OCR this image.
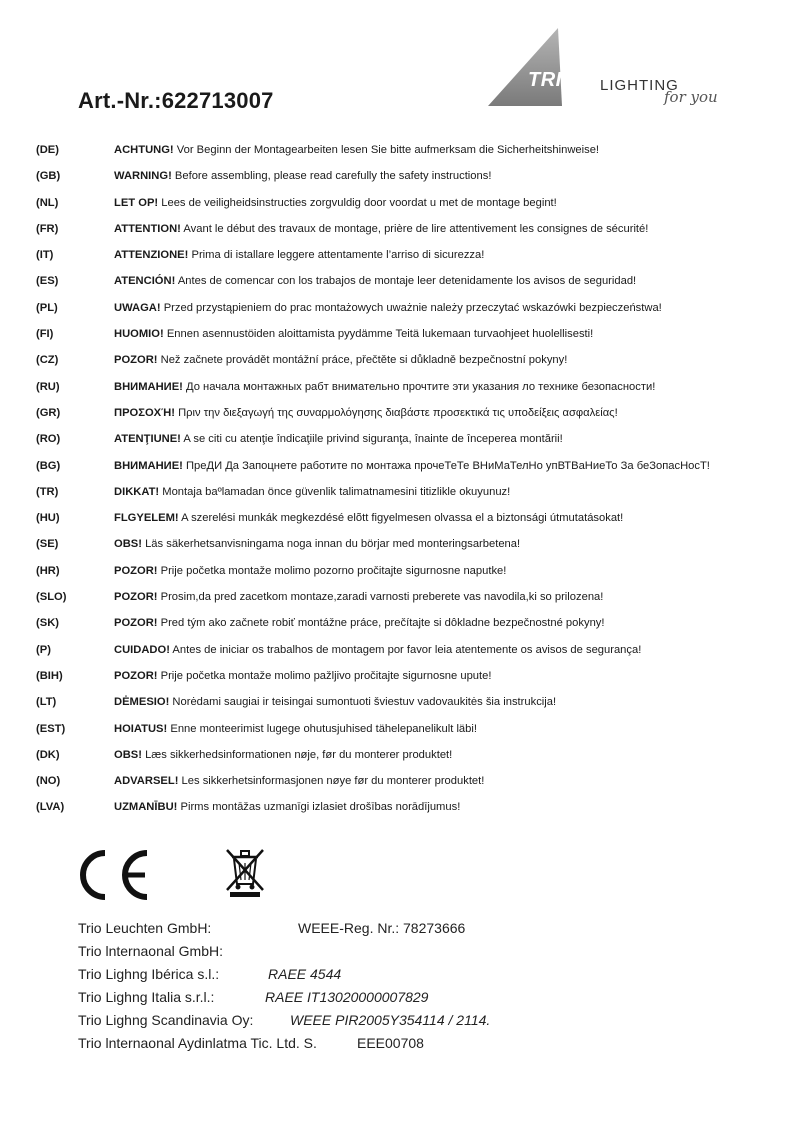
Art.-Nr.:622713007
TRIO LIGHTING
for you
(DE)	ACHTUNG! Vor Beginn der Montagearbeiten lesen Sie bitte aufmerksam die Sicherheitshinweise!
(GB)	WARNING! Before assembling, please read carefully the safety instructions!
(NL)	LET OP! Lees de veiligheidsinstructies zorgvuldig door voordat u met de montage begint!
(FR)	ATTENTION! Avant le début des travaux de montage, prière de lire attentivement les consignes de sécurité!
(IT)	ATTENZIONE! Prima di istallare leggere attentamente l’arriso di sicurezza!
(ES)	ATENCIÓN! Antes de comencar con los trabajos de montaje leer detenidamente los avisos de seguridad!
(PL)	UWAGA! Przed przystąpieniem do prac montażowych uważnie należy przeczytać wskazówki bezpieczeństwa!
(FI)	HUOMIO! Ennen asennustöiden aloittamista pyydämme Teitä lukemaan turvaohjeet huolellisesti!
(CZ)	POZOR! Než začnete provádět montážní práce, přečtěte si důkladně bezpečnostní pokyny!
(RU)	ВНИМАНИЕ! До начала монтажных рабт внимательно прочтите эти указания ло технике безопасности!
(GR)	ΠΡΟΣΟΧΉ! Πριν την διεξαγωγή της συναρμολόγησης διαβάστε προσεκτικά τις υποδείξεις ασφαλείας!
(RO)	ATENŢIUNE! A se citi cu atenţie îndicaţiile privind siguranţa, înainte de începerea montării!
(BG)	ВНИМАНИЕ! ПреДИ Да Запоцнете работите по монтажа прочеТеТе ВНиМаТелНо упВТВаНиеТо За беЗопасНосТ!
(TR)	DIKKAT! Montaja baºlamadan önce güvenlik talimatnamesini titizlikle okuyunuz!
(HU)	FLGYELEM! A szerelési munkák megkezdésé elõtt figyelmesen olvassa el a biztonsági útmutatásokat!
(SE)	OBS! Läs säkerhetsanvisningama noga innan du börjar med monteringsarbetena!
(HR)	POZOR! Prije početka montaže molimo pozorno pročitajte sigurnosne naputke!
(SLO)	POZOR! Prosim,da pred zacetkom montaze,zaradi varnosti preberete vas navodila,ki so prilozena!
(SK)	POZOR! Pred tým ako začnete robiť montážne práce, prečítajte si dôkladne bezpečnostné pokyny!
(P)	CUIDADO! Antes de iniciar os trabalhos de montagem por favor leia atentemente os avisos de segurança!
(BIH)	POZOR! Prije početka montaže molimo pažljivo pročitajte sigurnosne upute!
(LT)	DĖMESIO! Norėdami saugiai ir teisingai sumontuoti šviestuv vadovaukitės šia instrukcija!
(EST)	HOIATUS! Enne monteerimist lugege ohutusjuhised tähelepanelikult läbi!
(DK)	OBS! Læs sikkerhedsinformationen nøje, før du monterer produktet!
(NO)	ADVARSEL! Les sikkerhetsinformasjonen nøye før du monterer produktet!
(LVA)	UZMANĪBU! Pirms montāžas uzmanīgi izlasiet drošības norādījumus!
Trio Leuchten GmbH:	WEEE-Reg. Nr.: 78273666
Trio lnternaonal GmbH:
Trio Lighng Ibérica s.l.:	RAEE 4544
Trio Lighng Italia s.r.l.:	RAEE IT13020000007829
Trio Lighng Scandinavia Oy:	WEEE PIR2005Y354114 / 2114.
Trio lnternaonal Aydinlatma Tic. Ltd. S.	EEE00708
